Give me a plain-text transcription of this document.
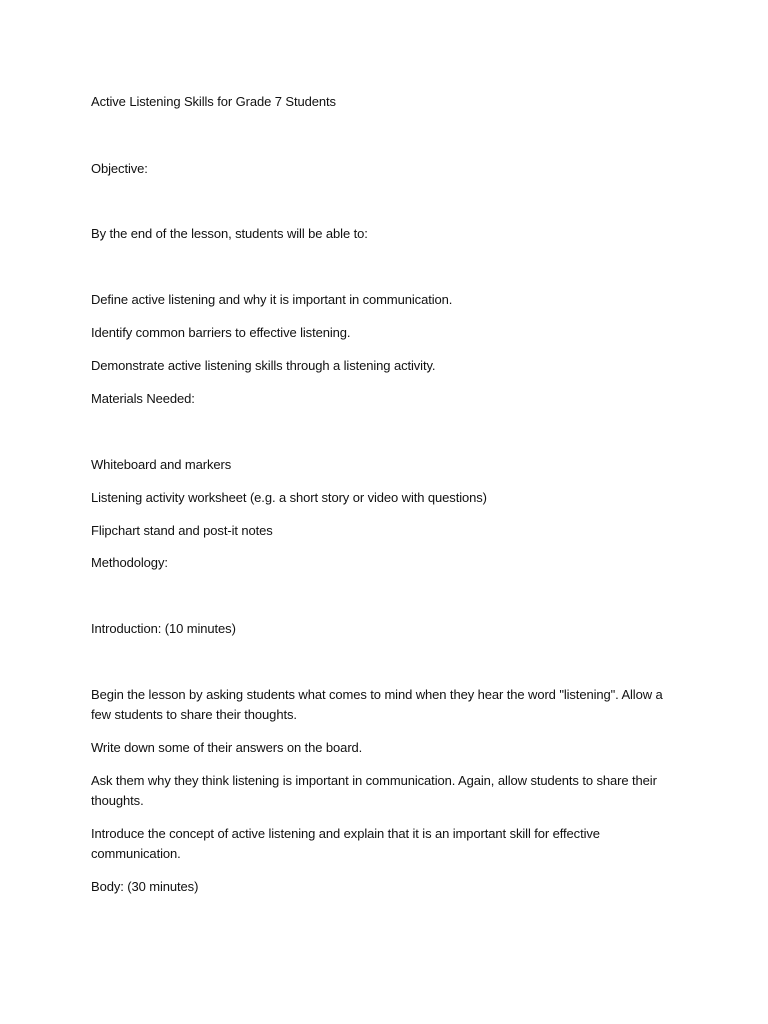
Active Listening Skills for Grade 7 Students
Objective:
By the end of the lesson, students will be able to:
Define active listening and why it is important in communication.
Identify common barriers to effective listening.
Demonstrate active listening skills through a listening activity.
Materials Needed:
Whiteboard and markers
Listening activity worksheet (e.g. a short story or video with questions)
Flipchart stand and post-it notes
Methodology:
Introduction: (10 minutes)
Begin the lesson by asking students what comes to mind when they hear the word "listening". Allow a few students to share their thoughts.
Write down some of their answers on the board.
Ask them why they think listening is important in communication. Again, allow students to share their thoughts.
Introduce the concept of active listening and explain that it is an important skill for effective communication.
Body: (30 minutes)
